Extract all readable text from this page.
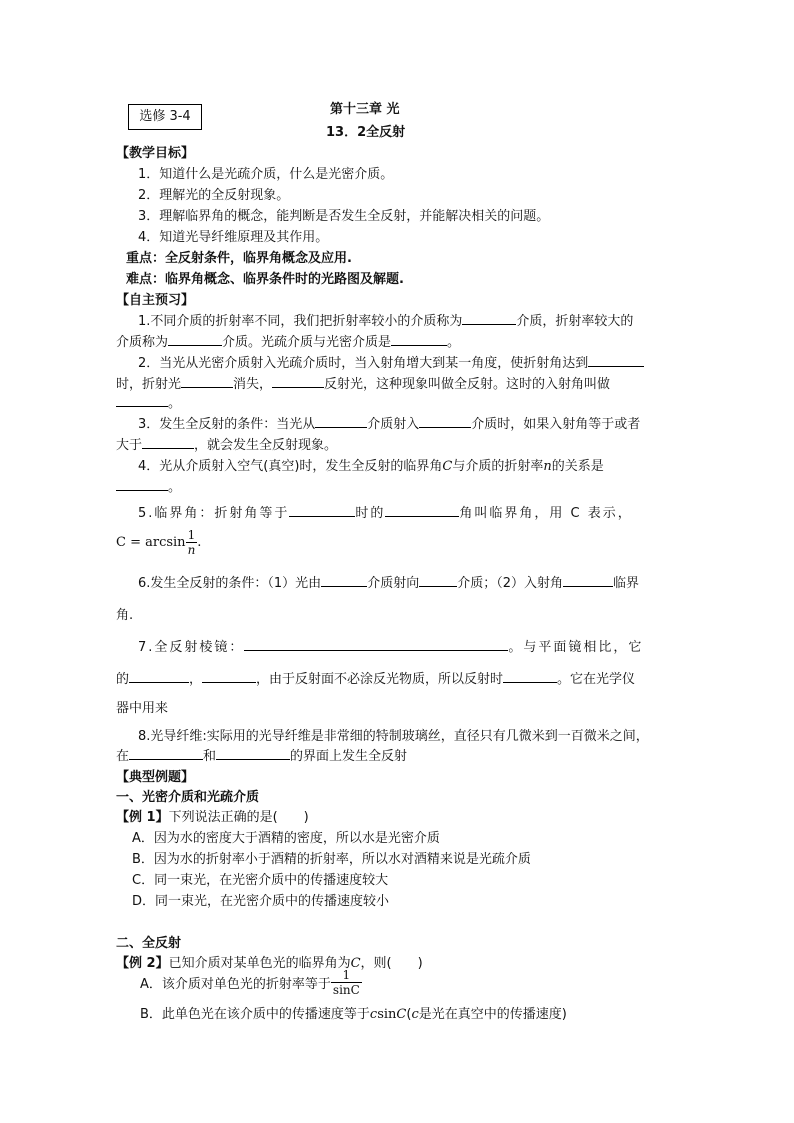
选修 3-4	第十三章 光
13．2全反射
【教学目标】
1．知道什么是光疏介质，什么是光密介质。
2．理解光的全反射现象。
3．理解临界角的概念，能判断是否发生全反射，并能解决相关的问题。
4．知道光导纤维原理及其作用。
重点：全反射条件，临界角概念及应用.
难点：临界角概念、临界条件时的光路图及解题.
【自主预习】
1.不同介质的折射率不同，我们把折射率较小的介质称为	介质，折射率较大的
介质称为	介质。光疏介质与光密介质是	。
2．当光从光密介质射入光疏介质时，当入射角增大到某一角度，使折射角达到
时，折射光	消失，	反射光，这种现象叫做全反射。这时的入射角叫做
。
3．发生全反射的条件：当光从	介质射入	介质时，如果入射角等于或者
大于	，就会发生全反射现象。
4．光从介质射入空气(真空)时，发生全反射的临界角C与介质的折射率n的关系是
。
5.临界角：折射角等于	时的	角叫临界角，用 C 表示，
$C = \arcsin \frac{1}{n}$ .
6.发生全反射的条件：（1）光由	介质射向	介质；（2）入射角	临界
角.
7.全反射棱镜：	。与平面镜相比，它
的	，	，由于反射面不必涂反光物质，所以反射时	。它在光学仪
器中用来
8.光导纤维:实际用的光导纤维是非常细的特制玻璃丝，直径只有几微米到一百微米之间，
在	和	的界面上发生全反射
【典型例题】
一、光密介质和光疏介质
【例 1】下列说法正确的是(　　)
A．因为水的密度大于酒精的密度，所以水是光密介质
B．因为水的折射率小于酒精的折射率，所以水对酒精来说是光疏介质
C．同一束光，在光密介质中的传播速度较大
D．同一束光，在光密介质中的传播速度较小
二、全反射
【例 2】已知介质对某单色光的临界角为C，则(　　)
A．该介质对单色光的折射率等于 $\frac{1}{\sin C}$
B．此单色光在该介质中的传播速度等于csinC(c是光在真空中的传播速度)
